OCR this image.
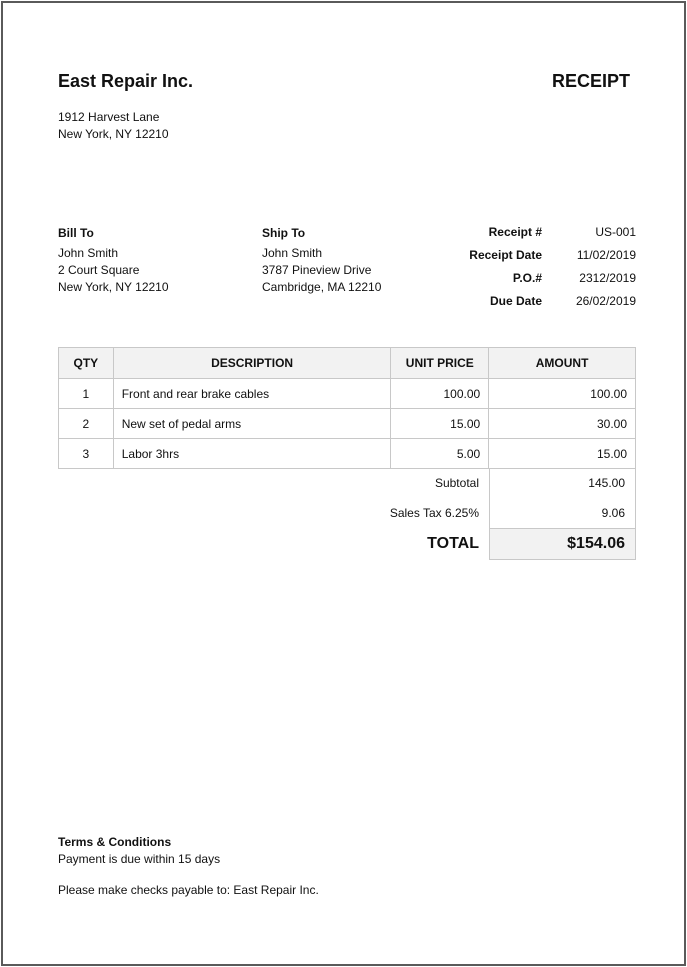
East Repair Inc.	RECEIPT
1912 Harvest Lane
New York, NY 12210
Bill To
John Smith
2 Court Square
New York, NY 12210
Ship To
John Smith
3787 Pineview Drive
Cambridge, MA 12210
Receipt #	US-001
Receipt Date	11/02/2019
P.O.#	2312/2019
Due Date	26/02/2019
QTY	DESCRIPTION	UNIT PRICE	AMOUNT
1	Front and rear brake cables	100.00	100.00
2	New set of pedal arms	15.00	30.00
3	Labor 3hrs	5.00	15.00
Subtotal	145.00
Sales Tax 6.25%	9.06
TOTAL	$154.06
Terms & Conditions
Payment is due within 15 days
Please make checks payable to: East Repair Inc.
